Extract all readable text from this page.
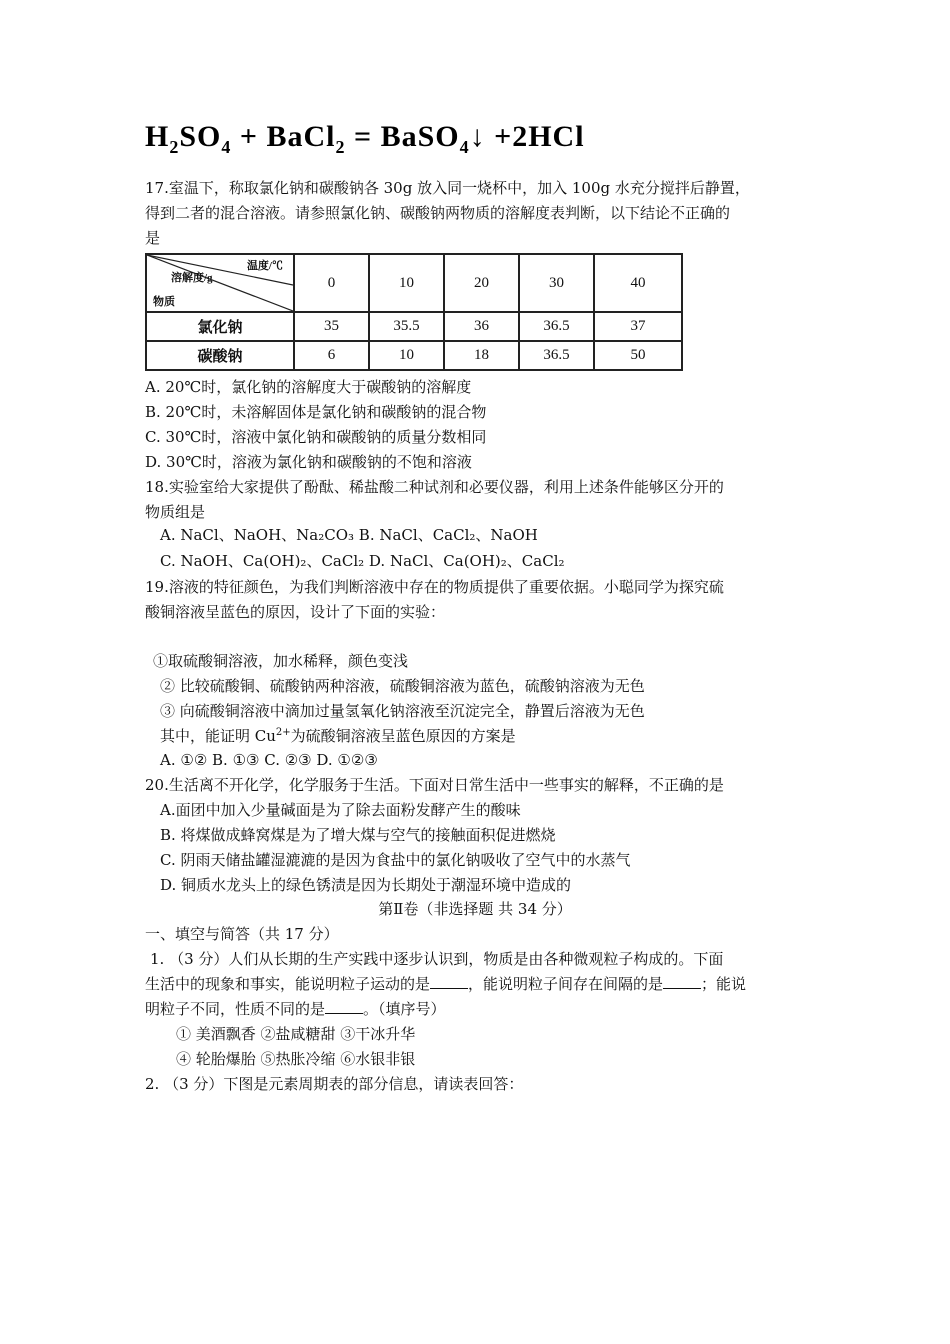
$H_2SO_4$ + BaCl$_2$ = BaSO$_4$↓ +2HCl
17.室温下，称取氯化钠和碳酸钠各 30g 放入同一烧杯中，加入 100g 水充分搅拌后静置，
得到二者的混合溶液。请参照氯化钠、碳酸钠两物质的溶解度表判断，以下结论不正确的
是
温度/℃
溶解度/g
物质	0	10	20	30	40
氯化钠	35	35.5	36	36.5	37
碳酸钠	6	10	18	36.5	50
A. 20℃时，氯化钠的溶解度大于碳酸钠的溶解度
B. 20℃时，未溶解固体是氯化钠和碳酸钠的混合物
C. 30℃时，溶液中氯化钠和碳酸钠的质量分数相同
D. 30℃时，溶液为氯化钠和碳酸钠的不饱和溶液
18.实验室给大家提供了酚酞、稀盐酸二种试剂和必要仪器，利用上述条件能够区分开的
物质组是
A. NaCl、NaOH、Na₂CO₃ B. NaCl、CaCl₂、NaOH
C. NaOH、Ca(OH)₂、CaCl₂ D. NaCl、Ca(OH)₂、CaCl₂
19.溶液的特征颜色，为我们判断溶液中存在的物质提供了重要依据。小聪同学为探究硫
酸铜溶液呈蓝色的原因，设计了下面的实验：
①取硫酸铜溶液，加水稀释，颜色变浅
② 比较硫酸铜、硫酸钠两种溶液，硫酸铜溶液为蓝色，硫酸钠溶液为无色
③ 向硫酸铜溶液中滴加过量氢氧化钠溶液至沉淀完全，静置后溶液为无色
其中，能证明 $Cu^{2+}$为硫酸铜溶液呈蓝色原因的方案是
A. ①② B. ①③ C. ②③ D. ①②③
20.生活离不开化学，化学服务于生活。下面对日常生活中一些事实的解释，不正确的是
A.面团中加入少量碱面是为了除去面粉发酵产生的酸味
B. 将煤做成蜂窝煤是为了增大煤与空气的接触面积促进燃烧
C. 阴雨天储盐罐湿漉漉的是因为食盐中的氯化钠吸收了空气中的水蒸气
D. 铜质水龙头上的绿色锈渍是因为长期处于潮湿环境中造成的
第Ⅱ卷（非选择题 共 34 分）
一、填空与简答（共 17 分）
1. （3 分）人们从长期的生产实践中逐步认识到，物质是由各种微观粒子构成的。下面
生活中的现象和事实，能说明粒子运动的是	，能说明粒子间存在间隔的是	；能说
明粒子不同，性质不同的是	。（填序号）
① 美酒飘香 ②盐咸糖甜 ③干冰升华
④ 轮胎爆胎 ⑤热胀冷缩 ⑥水银非银
2. （3 分）下图是元素周期表的部分信息，请读表回答：
